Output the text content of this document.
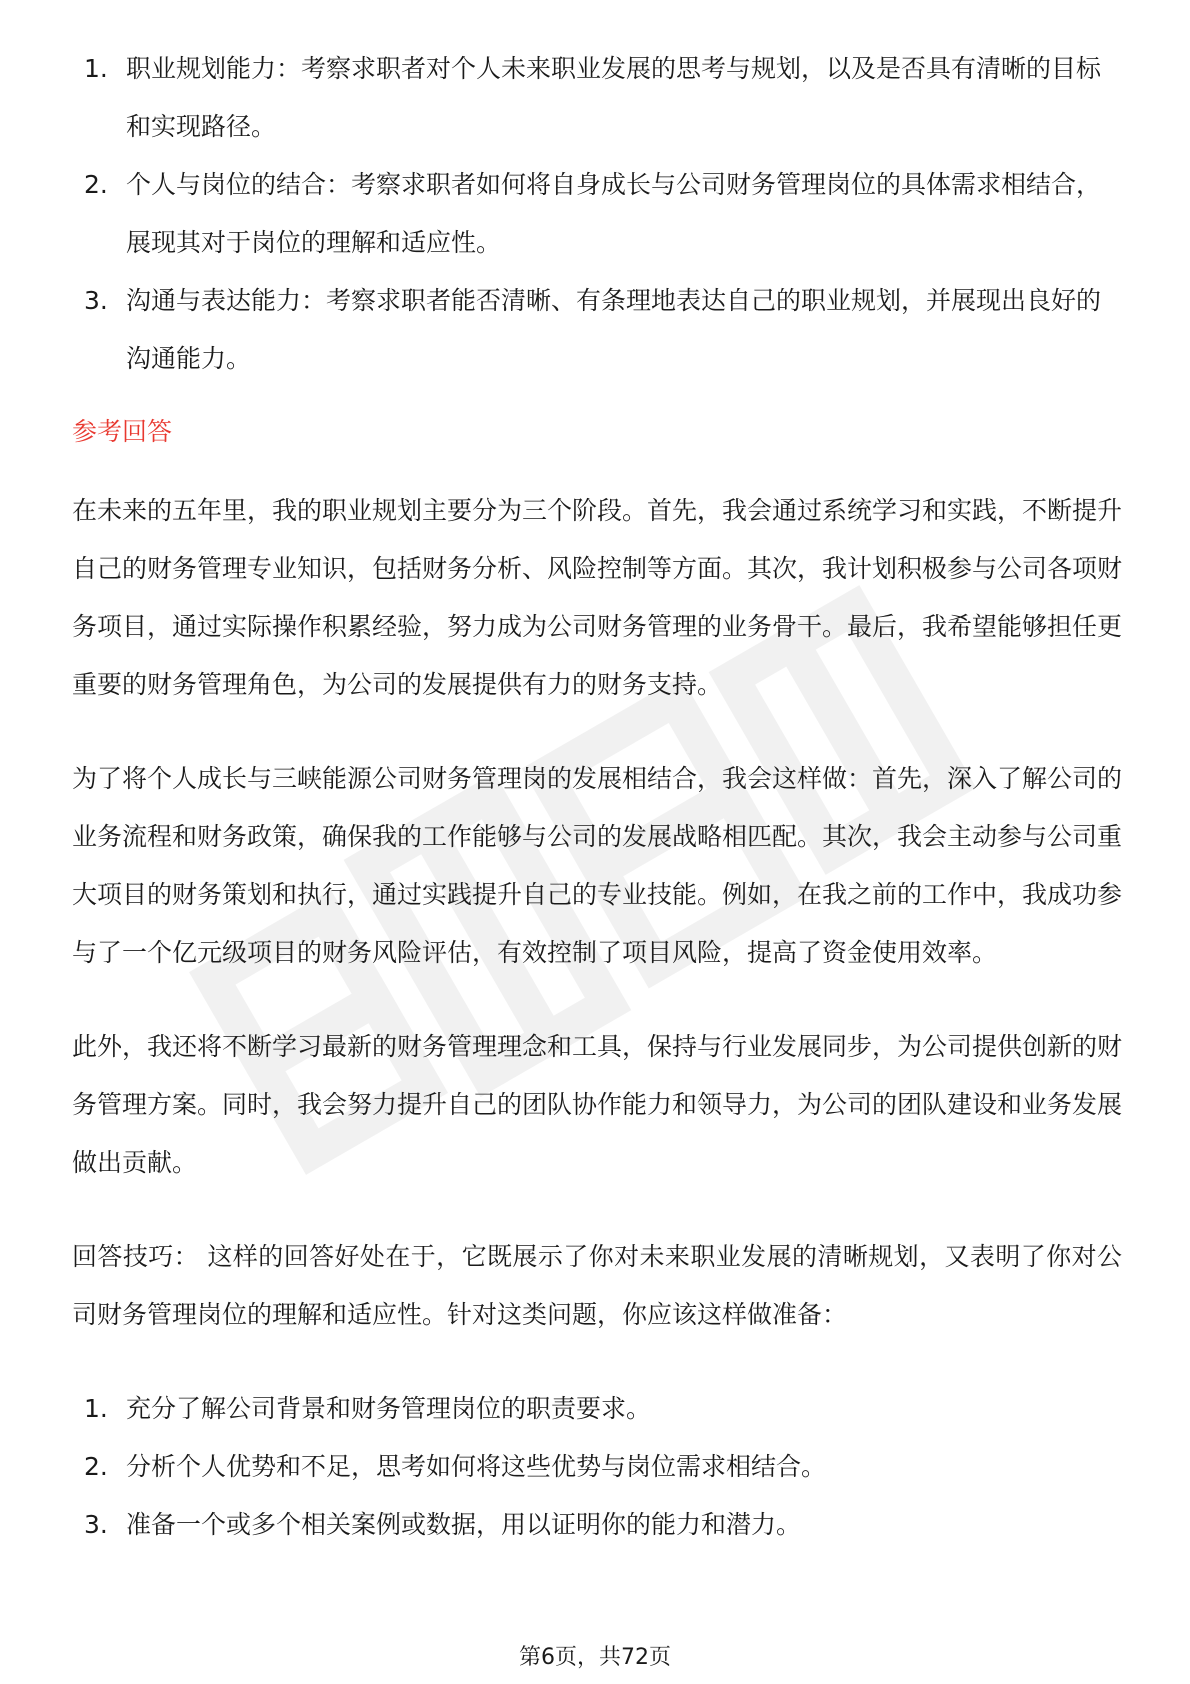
1. 职业规划能力：考察求职者对个人未来职业发展的思考与规划，以及是否具有清晰的目标和实现路径。
2. 个人与岗位的结合：考察求职者如何将自身成长与公司财务管理岗位的具体需求相结合，展现其对于岗位的理解和适应性。
3. 沟通与表达能力：考察求职者能否清晰、有条理地表达自己的职业规划，并展现出良好的沟通能力。
参考回答

在未来的五年里，我的职业规划主要分为三个阶段。首先，我会通过系统学习和实践，不断提升自己的财务管理专业知识，包括财务分析、风险控制等方面。其次，我计划积极参与公司各项财务项目，通过实际操作积累经验，努力成为公司财务管理的业务骨干。最后，我希望能够担任更重要的财务管理角色，为公司的发展提供有力的财务支持。

为了将个人成长与三峡能源公司财务管理岗的发展相结合，我会这样做：首先，深入了解公司的业务流程和财务政策，确保我的工作能够与公司的发展战略相匹配。其次，我会主动参与公司重大项目的财务策划和执行，通过实践提升自己的专业技能。例如，在我之前的工作中，我成功参与了一个亿元级项目的财务风险评估，有效控制了项目风险，提高了资金使用效率。

此外，我还将不断学习最新的财务管理理念和工具，保持与行业发展同步，为公司提供创新的财务管理方案。同时，我会努力提升自己的团队协作能力和领导力，为公司的团队建设和业务发展做出贡献。

回答技巧： 这样的回答好处在于，它既展示了你对未来职业发展的清晰规划，又表明了你对公司财务管理岗位的理解和适应性。针对这类问题，你应该这样做准备：

1. 充分了解公司背景和财务管理岗位的职责要求。
2. 分析个人优势和不足，思考如何将这些优势与岗位需求相结合。
3. 准备一个或多个相关案例或数据，用以证明你的能力和潜力。
第6页，共72页
